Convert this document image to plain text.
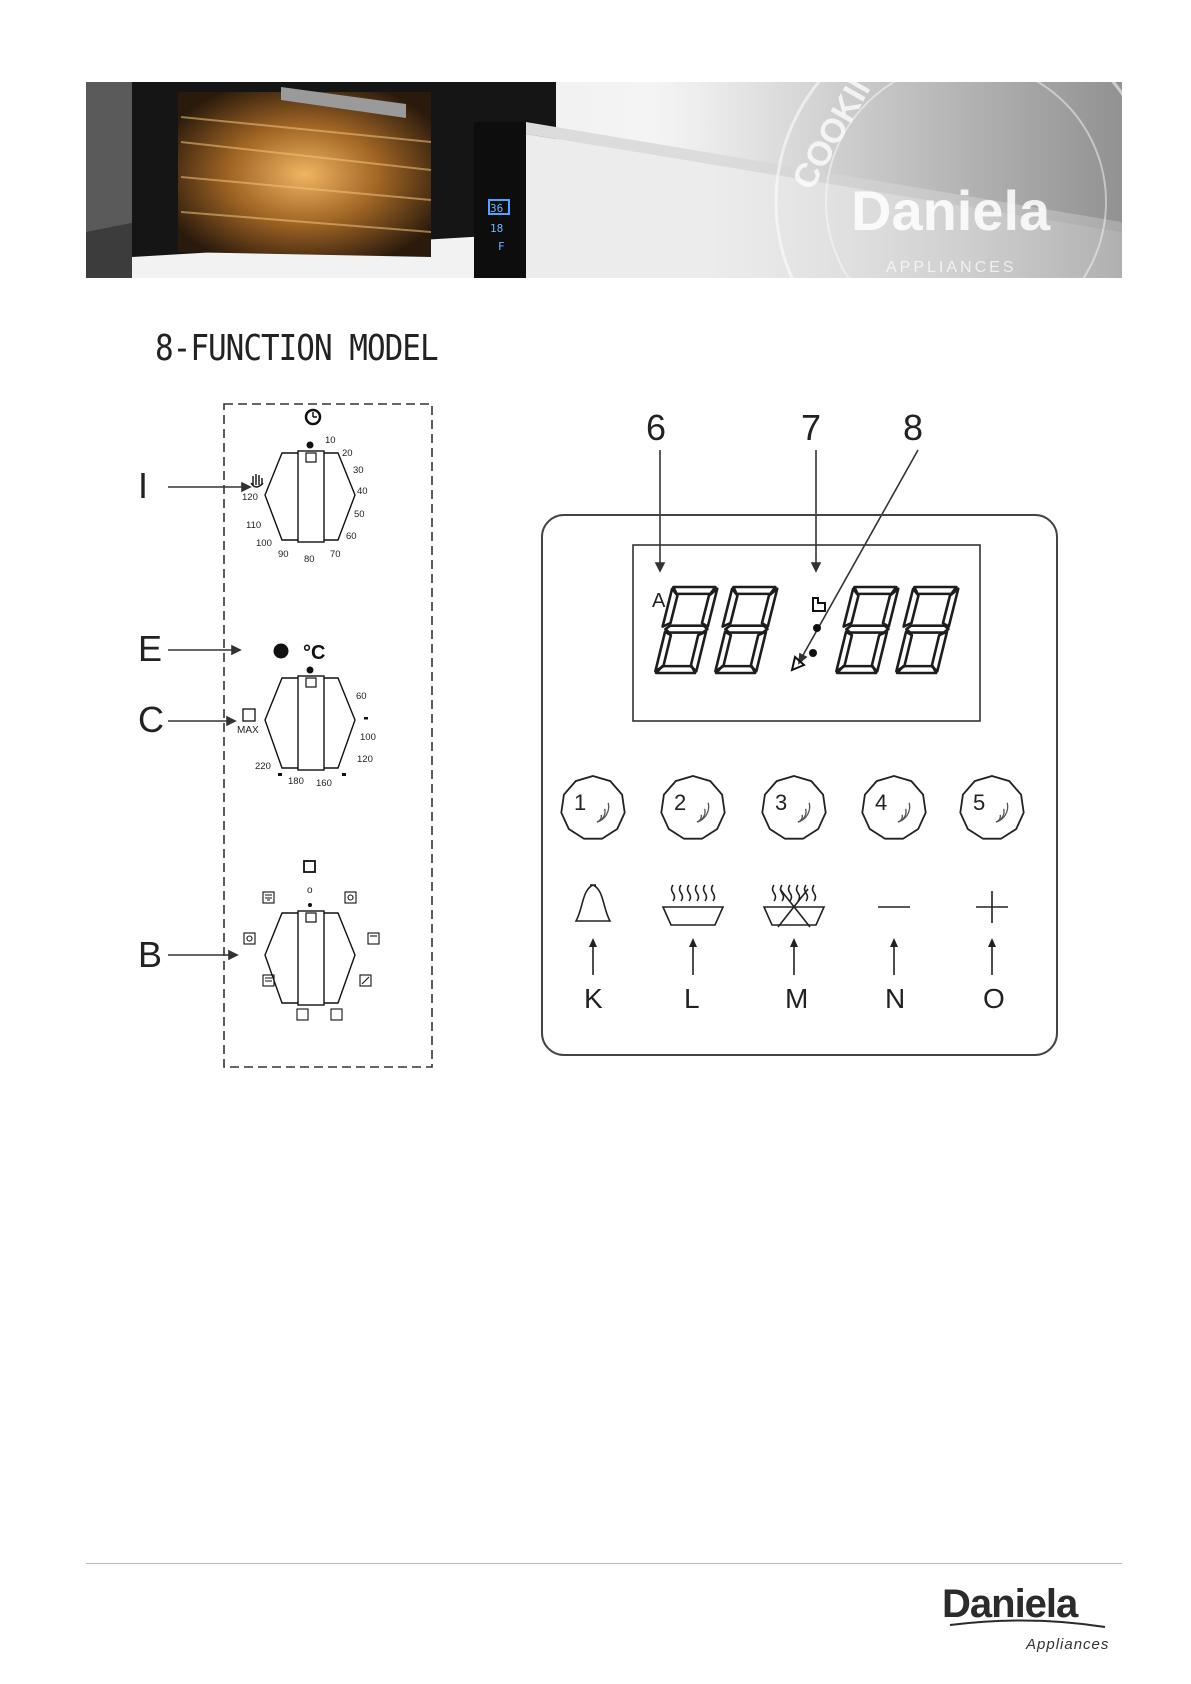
36
18
F
Daniela
APPLIANCES
8-FUNCTION MODEL
I
E
C
B
10
20
30
40
50
60
70
80
90
100
110
120
°C
MAX
60
100
120
160
180
220
o
6	7 8
A
1
K
2
L
3
M
4
N
5
O
Daniela
Appliances
